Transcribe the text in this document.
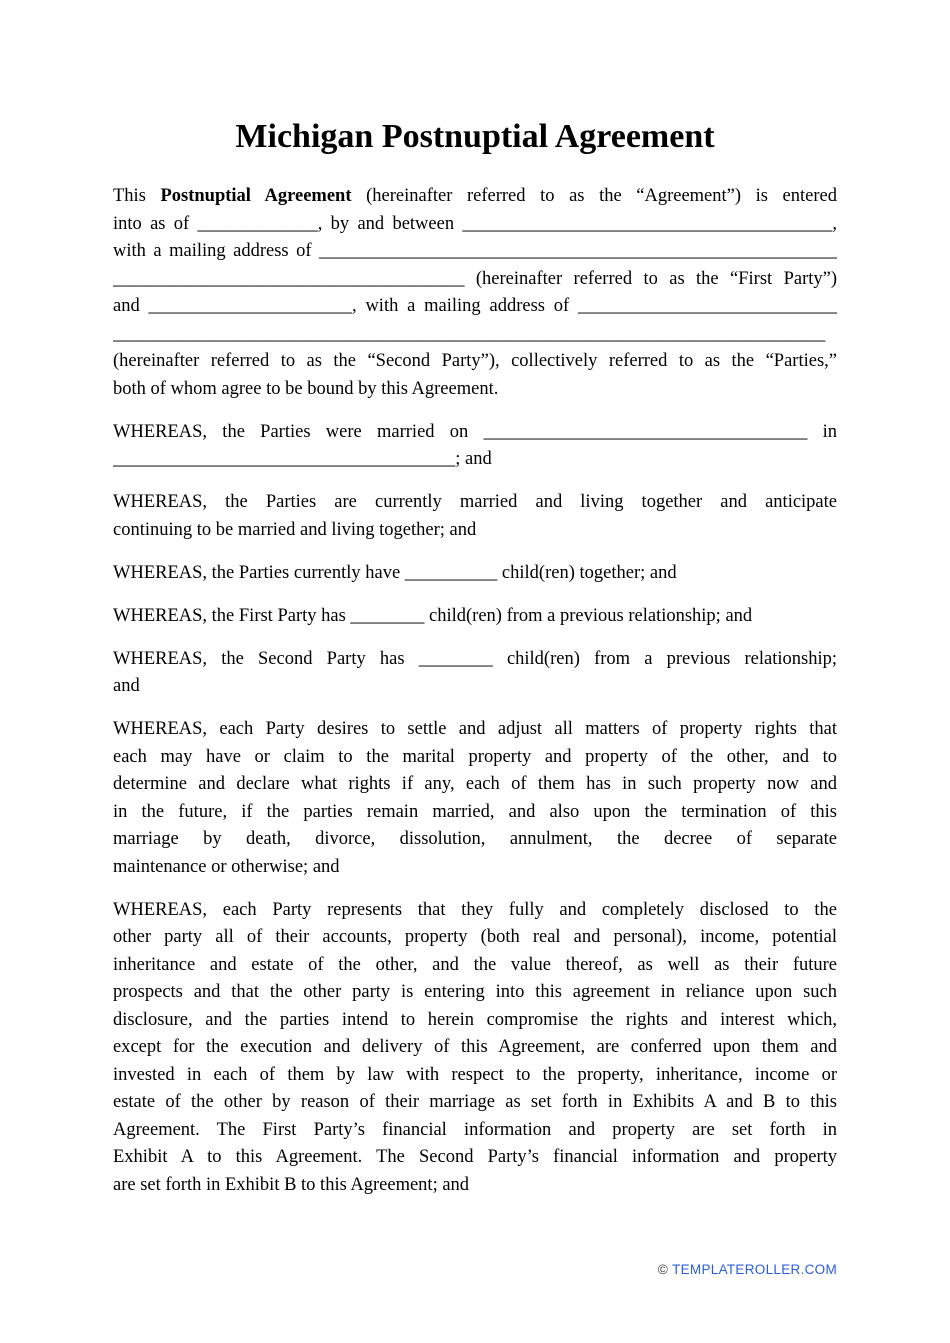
Michigan Postnuptial Agreement

This Postnuptial Agreement (hereinafter referred to as the “Agreement”) is entered
into as of _____________, by and between ________________________________________,
with a mailing address of ________________________________________________________
______________________________________ (hereinafter referred to as the “First Party”)
and ______________________, with a mailing address of ____________________________
_____________________________________________________________________________
(hereinafter referred to as the “Second Party”), collectively referred to as the “Parties,”
both of whom agree to be bound by this Agreement.

WHEREAS, the Parties were married on ___________________________________ in
_____________________________________; and

WHEREAS, the Parties are currently married and living together and anticipate
continuing to be married and living together; and

WHEREAS, the Parties currently have __________ child(ren) together; and

WHEREAS, the First Party has ________ child(ren) from a previous relationship; and

WHEREAS, the Second Party has ________ child(ren) from a previous relationship;
and

WHEREAS, each Party desires to settle and adjust all matters of property rights that
each may have or claim to the marital property and property of the other, and to
determine and declare what rights if any, each of them has in such property now and
in the future, if the parties remain married, and also upon the termination of this
marriage by death, divorce, dissolution, annulment, the decree of separate
maintenance or otherwise; and

WHEREAS, each Party represents that they fully and completely disclosed to the
other party all of their accounts, property (both real and personal), income, potential
inheritance and estate of the other, and the value thereof, as well as their future
prospects and that the other party is entering into this agreement in reliance upon such
disclosure, and the parties intend to herein compromise the rights and interest which,
except for the execution and delivery of this Agreement, are conferred upon them and
invested in each of them by law with respect to the property, inheritance, income or
estate of the other by reason of their marriage as set forth in Exhibits A and B to this
Agreement. The First Party’s financial information and property are set forth in
Exhibit A to this Agreement. The Second Party’s financial information and property
are set forth in Exhibit B to this Agreement; and

© TEMPLATEROLLER.COM
